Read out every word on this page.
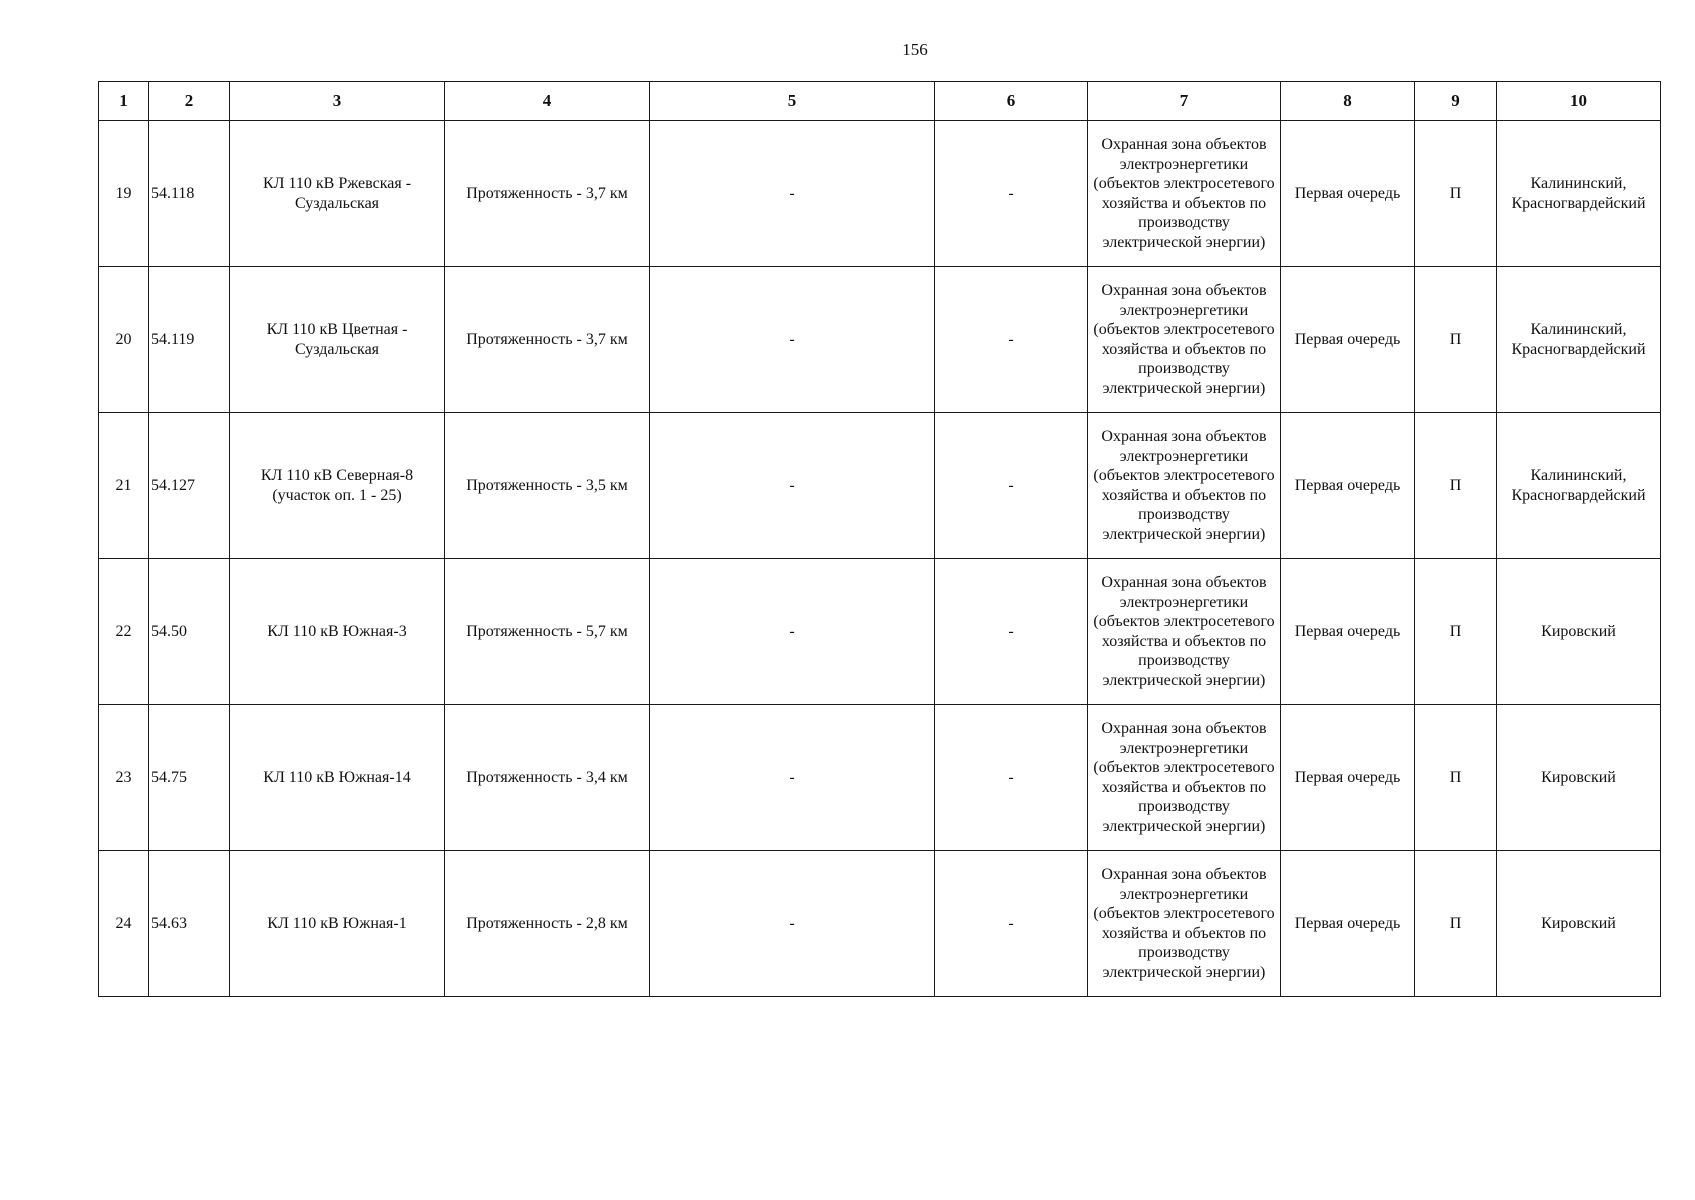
156
1	2	3	4	5	6	7	8	9	10
19	54.118	КЛ 110 кВ Ржевская - Суздальская	Протяженность - 3,7 км	-	-	Охранная зона объектов электроэнергетики (объектов электросетевого хозяйства и объектов по производству электрической энергии)	Первая очередь	П	Калининский, Красногвардейский
20	54.119	КЛ 110 кВ Цветная - Суздальская	Протяженность - 3,7 км	-	-	Охранная зона объектов электроэнергетики (объектов электросетевого хозяйства и объектов по производству электрической энергии)	Первая очередь	П	Калининский, Красногвардейский
21	54.127	КЛ 110 кВ Северная-8 (участок оп. 1 - 25)	Протяженность - 3,5 км	-	-	Охранная зона объектов электроэнергетики (объектов электросетевого хозяйства и объектов по производству электрической энергии)	Первая очередь	П	Калининский, Красногвардейский
22	54.50	КЛ 110 кВ Южная-3	Протяженность - 5,7 км	-	-	Охранная зона объектов электроэнергетики (объектов электросетевого хозяйства и объектов по производству электрической энергии)	Первая очередь	П	Кировский
23	54.75	КЛ 110 кВ Южная-14	Протяженность - 3,4 км	-	-	Охранная зона объектов электроэнергетики (объектов электросетевого хозяйства и объектов по производству электрической энергии)	Первая очередь	П	Кировский
24	54.63	КЛ 110 кВ Южная-1	Протяженность - 2,8 км	-	-	Охранная зона объектов электроэнергетики (объектов электросетевого хозяйства и объектов по производству электрической энергии)	Первая очередь	П	Кировский
